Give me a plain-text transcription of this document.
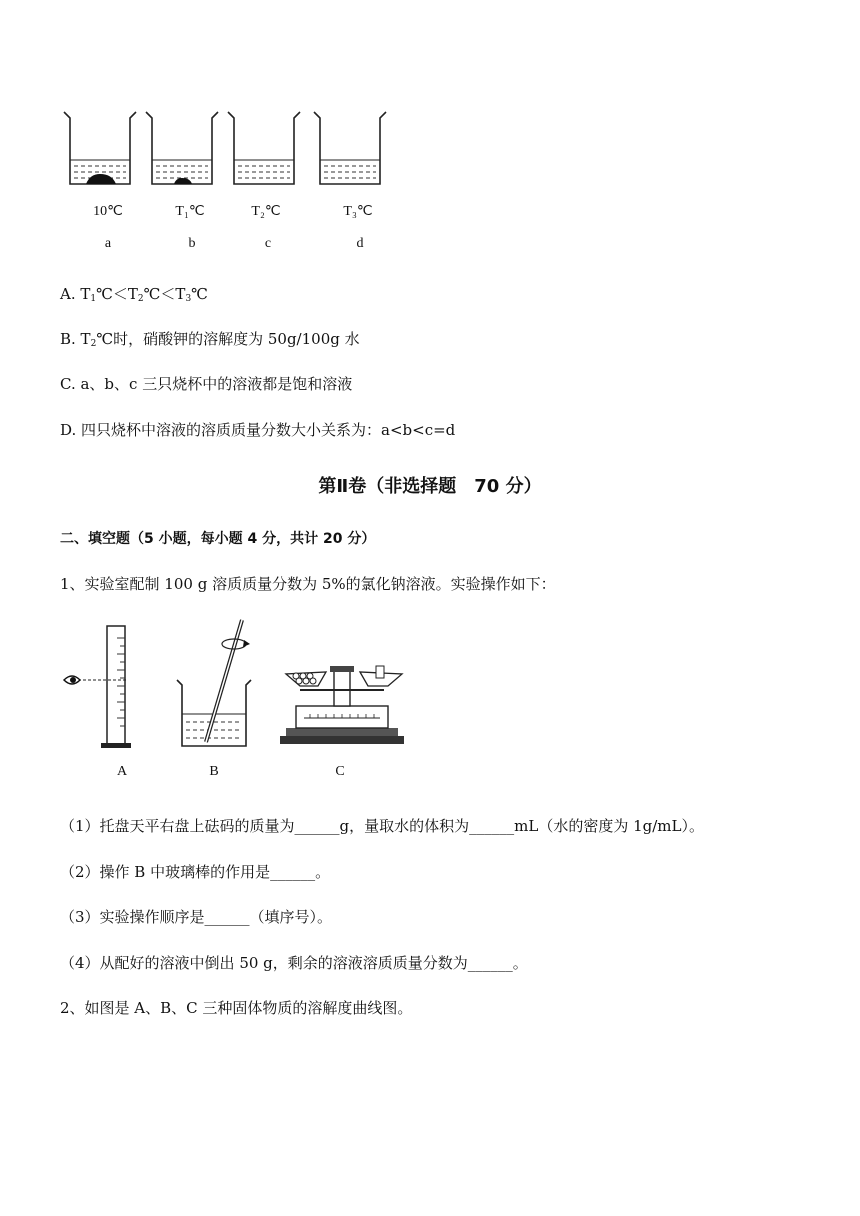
10℃	T₁℃	T₂℃	T₃℃
a	b	c	d
A. $T_1℃<T_2℃<T_3℃$
B. $T_2℃$时，硝酸钾的溶解度为 50g/100g 水
C. a、b、c 三只烧杯中的溶液都是饱和溶液
D. 四只烧杯中溶液的溶质质量分数大小关系为：a<b<c=d
第Ⅱ卷（非选择题　70 分）
二、填空题（5 小题，每小题 4 分，共计 20 分）
1、实验室配制 100 g 溶质质量分数为 5%的氯化钠溶液。实验操作如下：
A	B	C
（1）托盘天平右盘上砝码的质量为______g，量取水的体积为______mL（水的密度为 1g/mL）。
（2）操作 B 中玻璃棒的作用是______。
（3）实验操作顺序是______（填序号）。
（4）从配好的溶液中倒出 50 g，剩余的溶液溶质质量分数为______。
2、如图是 A、B、C 三种固体物质的溶解度曲线图。
